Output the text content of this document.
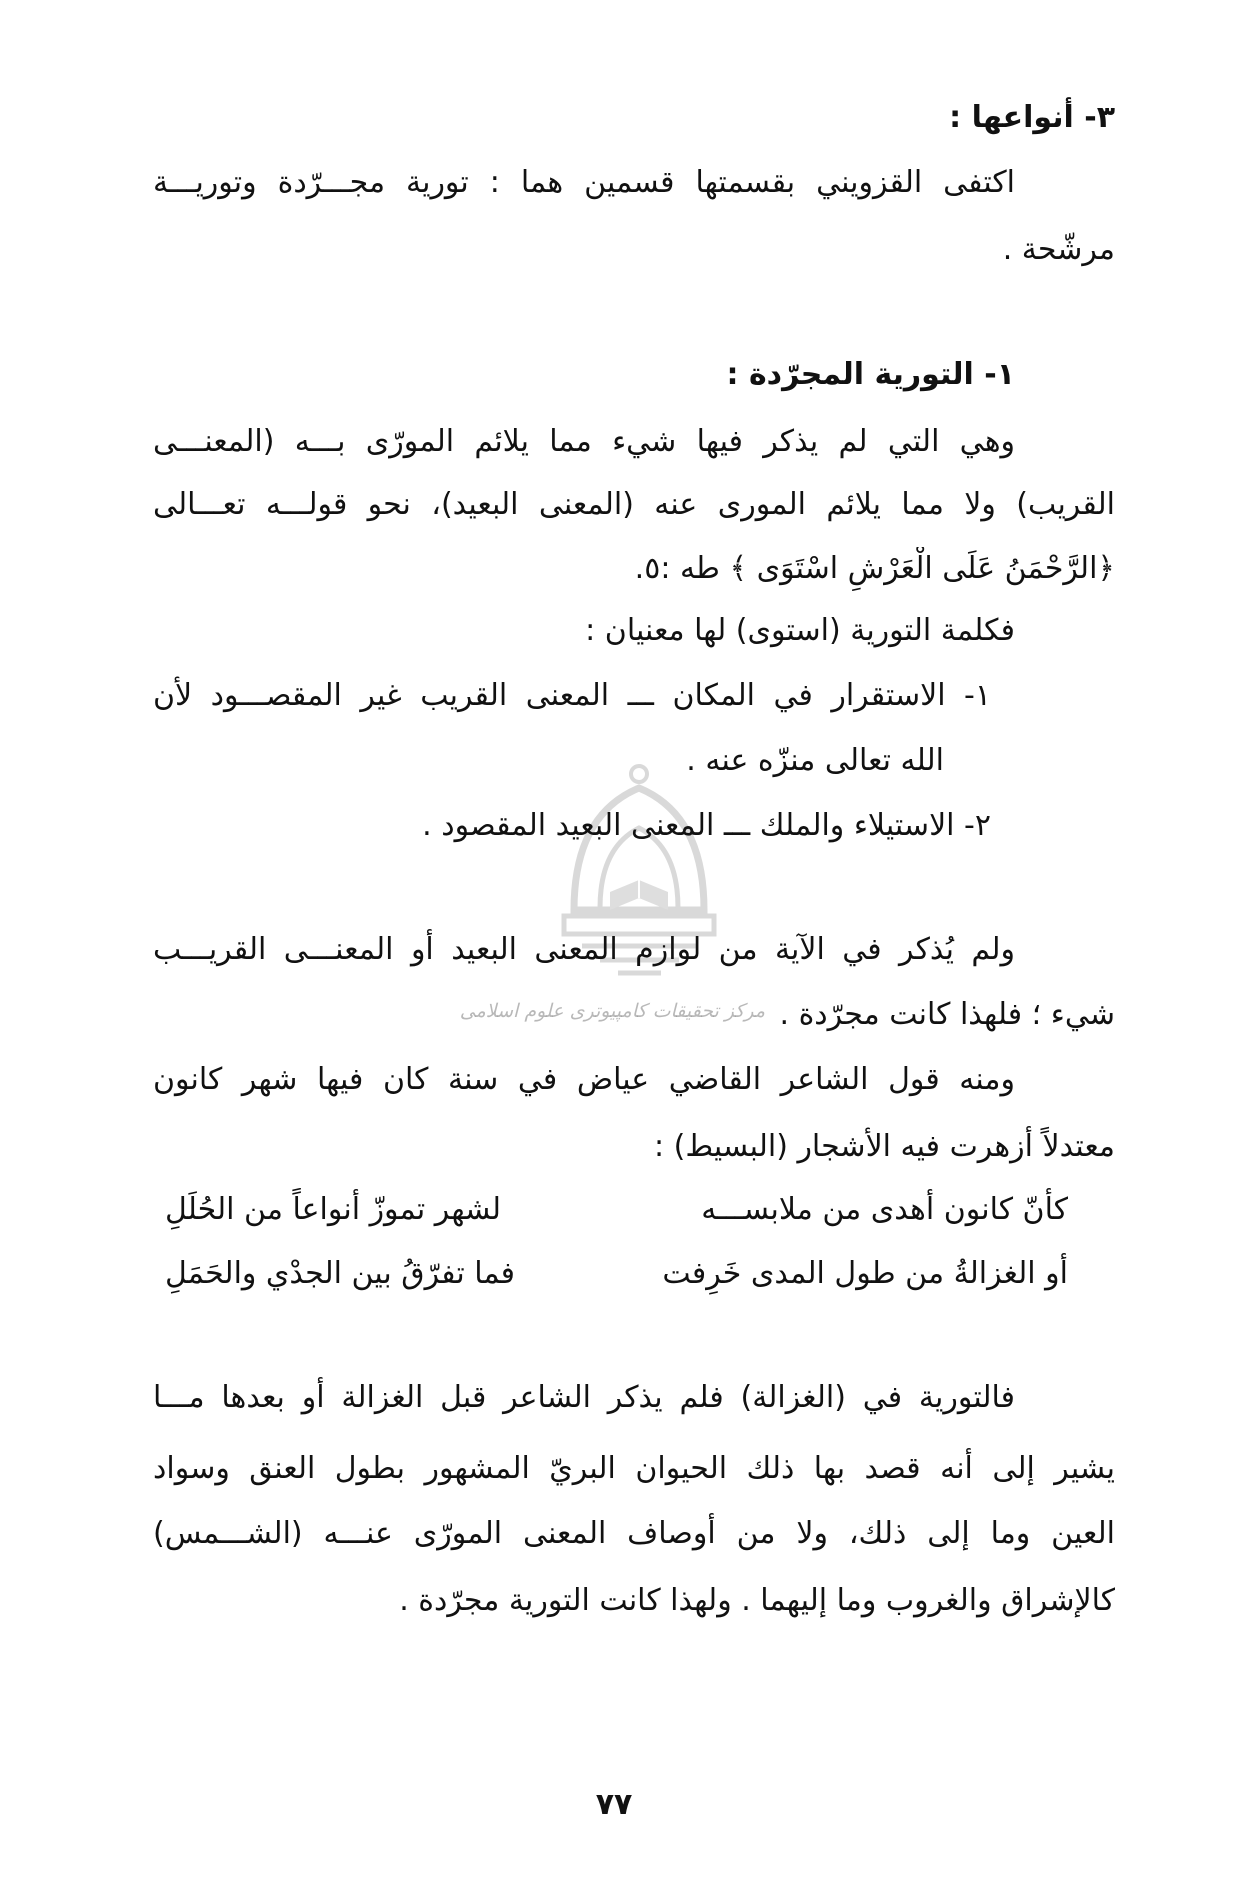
٣- أنواعها :
اكتفى القزويني بقسمتها قسمين هما : تورية مجـــرّدة وتوريـــة
مرشّحة .
١- التورية المجرّدة :
وهي التي لم يذكر فيها شيء مما يلائم المورّى بـــه (المعنـــى
القريب) ولا مما يلائم المورى عنه (المعنى البعيد)، نحو قولـــه تعـــالى
﴿الرَّحْمَنُ عَلَى الْعَرْشِ اسْتَوَى ﴾ طه :٥.
فكلمة التورية (استوى) لها معنيان :
١- الاستقرار في المكان ـــ المعنى القريب غير المقصـــود لأن
الله تعالى منزّه عنه .
٢- الاستيلاء والملك ـــ المعنى البعيد المقصود .
ولم يُذكر في الآية من لوازم المعنى البعيد أو المعنـــى القريـــب
شيء ؛ فلهذا كانت مجرّدة .
مرکز تحقیقات کامپیوتری علوم اسلامی
ومنه قول الشاعر القاضي عياض في سنة كان فيها شهر كانون
معتدلاً أزهرت فيه الأشجار (البسيط) :
كأنّ كانون أهدى من ملابســـه
لشهر تموزّ أنواعاً من الحُلَلِ
أو الغزالةُ من طول المدى خَرِفت
فما تفرّقُ بين الجدْي والحَمَلِ
فالتورية في (الغزالة) فلم يذكر الشاعر قبل الغزالة أو بعدها مـــا
يشير إلى أنه قصد بها ذلك الحيوان البريّ المشهور بطول العنق وسواد
العين وما إلى ذلك، ولا من أوصاف المعنى المورّى عنـــه (الشـــمس)
كالإشراق والغروب وما إليهما . ولهذا كانت التورية مجرّدة .
٧٧
